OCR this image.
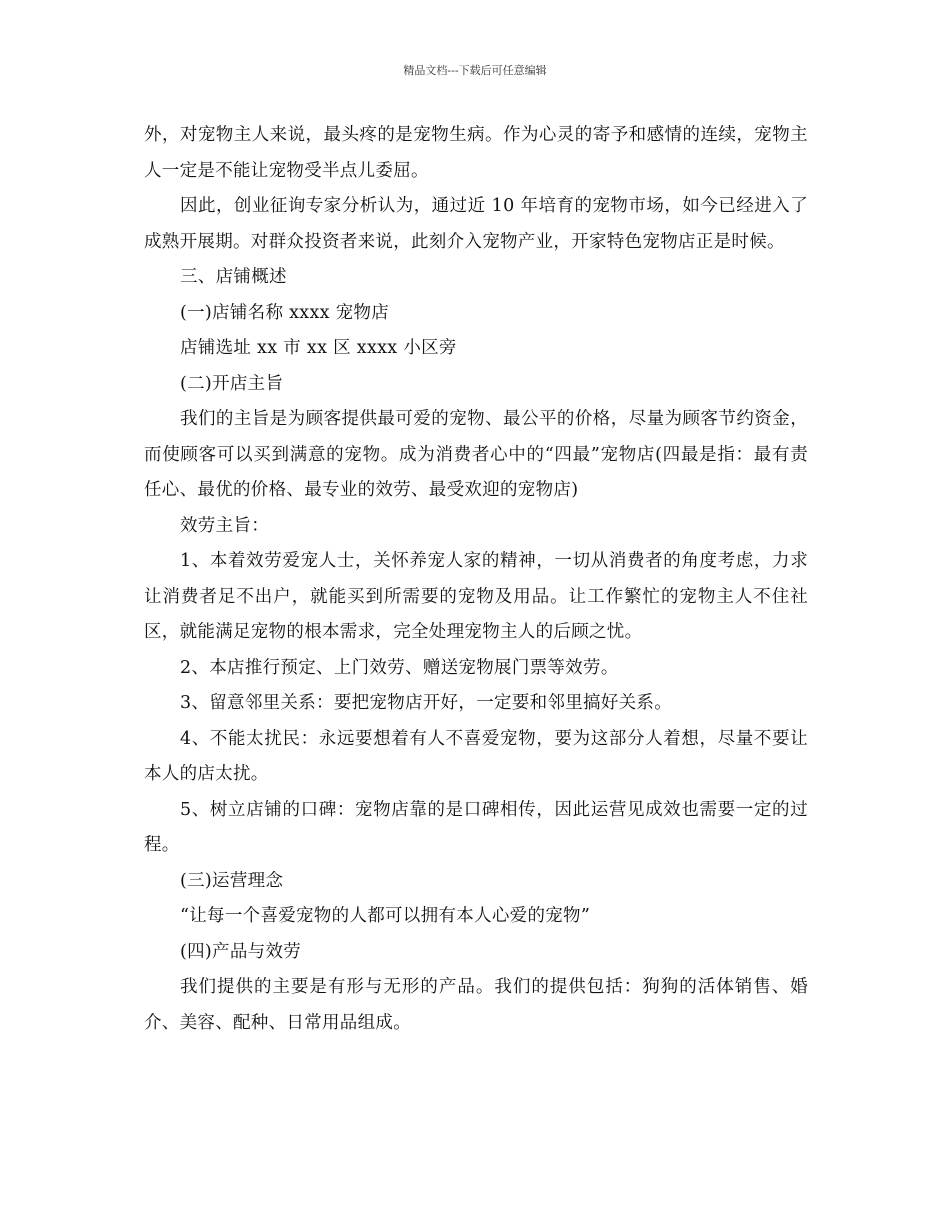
精品文档---下载后可任意编辑

外，对宠物主人来说，最头疼的是宠物生病。作为心灵的寄予和感情的连续，宠物主人一定是不能让宠物受半点儿委屈。

因此，创业征询专家分析认为，通过近 10 年培育的宠物市场，如今已经进入了成熟开展期。对群众投资者来说，此刻介入宠物产业，开家特色宠物店正是时候。

三、店铺概述

(一)店铺名称 xxxx 宠物店

店铺选址 xx 市 xx 区 xxxx 小区旁

(二)开店主旨

我们的主旨是为顾客提供最可爱的宠物、最公平的价格，尽量为顾客节约资金，而使顾客可以买到满意的宠物。成为消费者心中的“四最”宠物店(四最是指：最有责任心、最优的价格、最专业的效劳、最受欢迎的宠物店)

效劳主旨：

1、本着效劳爱宠人士，关怀养宠人家的精神，一切从消费者的角度考虑，力求让消费者足不出户，就能买到所需要的宠物及用品。让工作繁忙的宠物主人不住社区，就能满足宠物的根本需求，完全处理宠物主人的后顾之忧。

2、本店推行预定、上门效劳、赠送宠物展门票等效劳。

3、留意邻里关系：要把宠物店开好，一定要和邻里搞好关系。

4、不能太扰民：永远要想着有人不喜爱宠物，要为这部分人着想，尽量不要让本人的店太扰。

5、树立店铺的口碑：宠物店靠的是口碑相传，因此运营见成效也需要一定的过程。

(三)运营理念

“让每一个喜爱宠物的人都可以拥有本人心爱的宠物”

(四)产品与效劳

我们提供的主要是有形与无形的产品。我们的提供包括：狗狗的活体销售、婚介、美容、配种、日常用品组成。
